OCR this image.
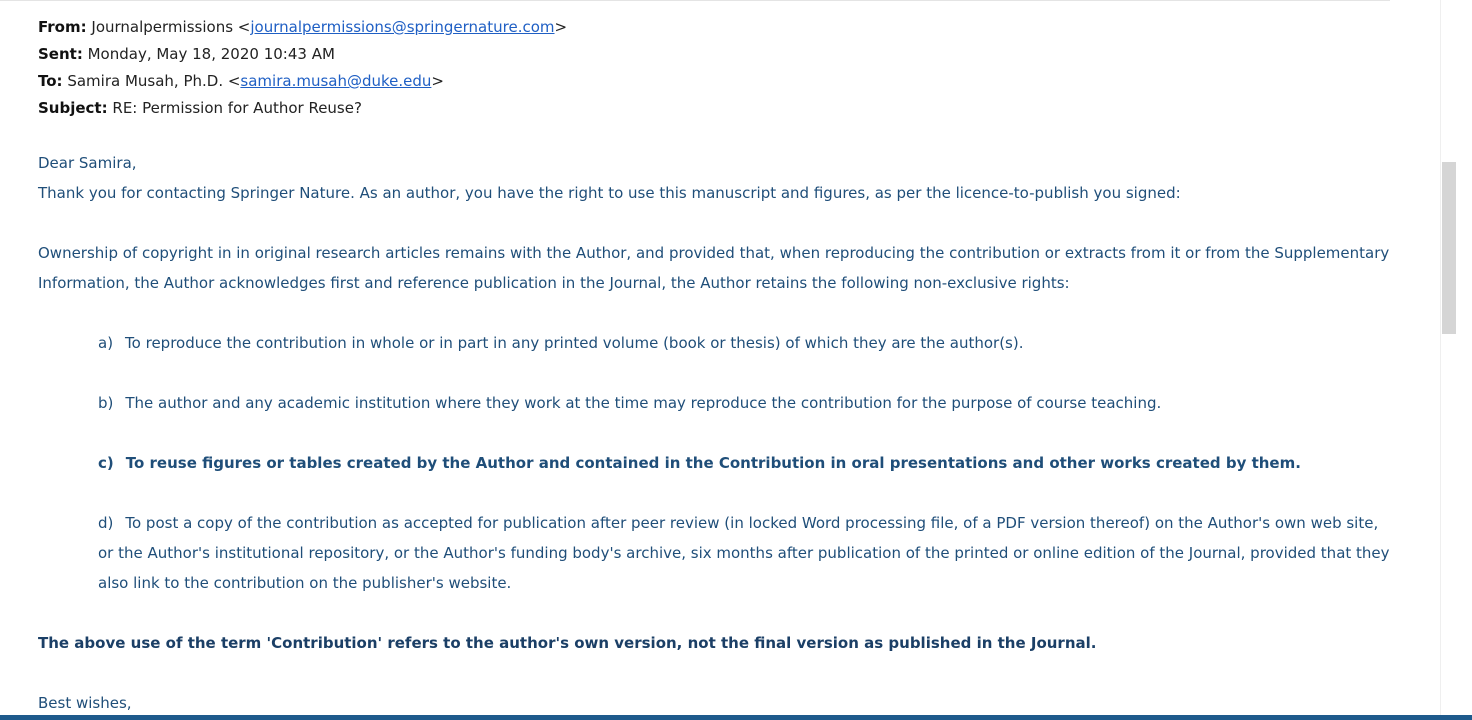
From: Journalpermissions <journalpermissions@springernature.com>
Sent: Monday, May 18, 2020 10:43 AM
To: Samira Musah, Ph.D. <samira.musah@duke.edu>
Subject: RE: Permission for Author Reuse?
Dear Samira,
Thank you for contacting Springer Nature. As an author, you have the right to use this manuscript and figures, as per the licence-to-publish you signed:
Ownership of copyright in in original research articles remains with the Author, and provided that, when reproducing the contribution or extracts from it or from the Supplementary Information, the Author acknowledges first and reference publication in the Journal, the Author retains the following non-exclusive rights:
a) To reproduce the contribution in whole or in part in any printed volume (book or thesis) of which they are the author(s).
b) The author and any academic institution where they work at the time may reproduce the contribution for the purpose of course teaching.
c) To reuse figures or tables created by the Author and contained in the Contribution in oral presentations and other works created by them.
d) To post a copy of the contribution as accepted for publication after peer review (in locked Word processing file, of a PDF version thereof) on the Author's own web site, or the Author's institutional repository, or the Author's funding body's archive, six months after publication of the printed or online edition of the Journal, provided that they also link to the contribution on the publisher's website.
The above use of the term 'Contribution' refers to the author's own version, not the final version as published in the Journal.
Best wishes,
